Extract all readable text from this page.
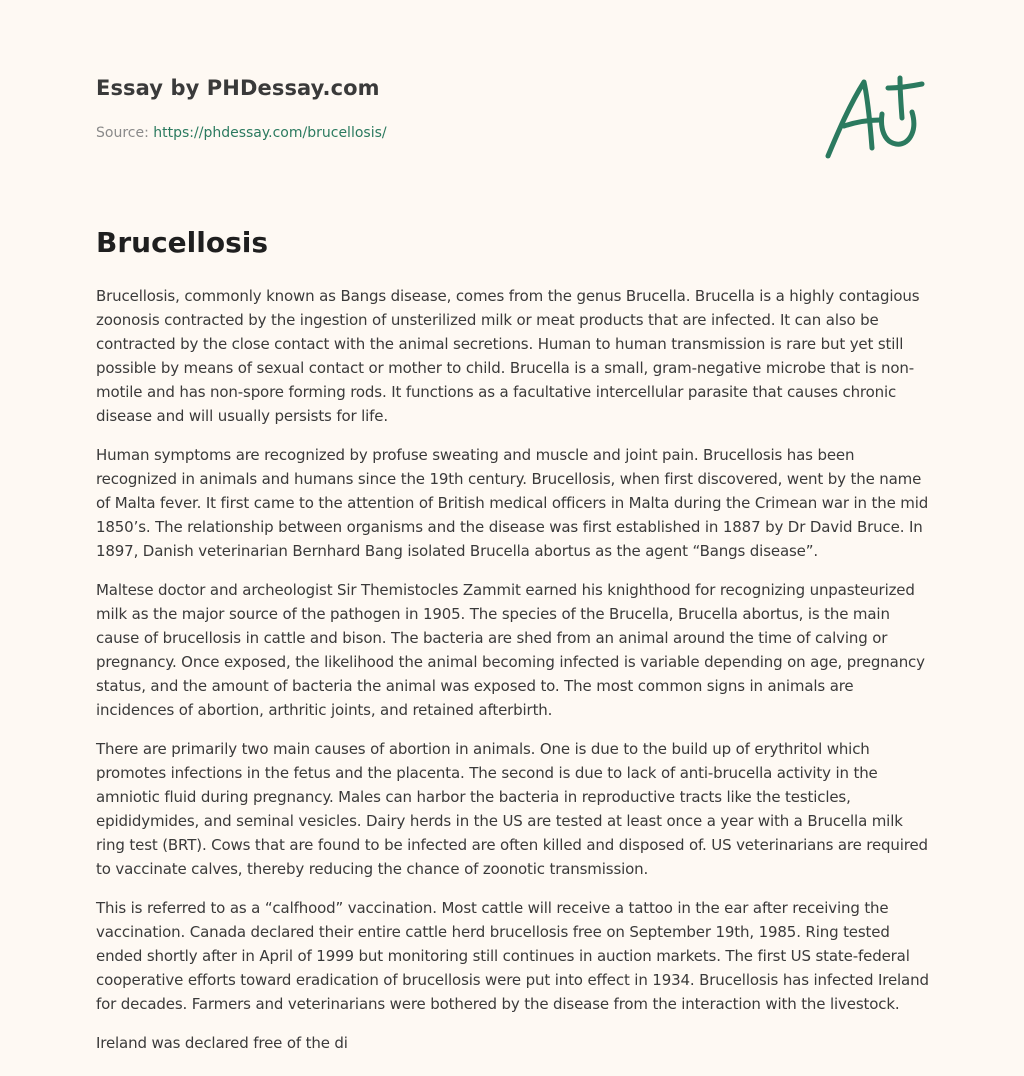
Essay by PHDessay.com
Source: https://phdessay.com/brucellosis/
Brucellosis

Brucellosis, commonly known as Bangs disease, comes from the genus Brucella. Brucella is a highly contagious zoonosis contracted by the ingestion of unsterilized milk or meat products that are infected. It can also be contracted by the close contact with the animal secretions. Human to human transmission is rare but yet still possible by means of sexual contact or mother to child. Brucella is a small, gram-negative microbe that is non-motile and has non-spore forming rods. It functions as a facultative intercellular parasite that causes chronic disease and will usually persists for life.

Human symptoms are recognized by profuse sweating and muscle and joint pain. Brucellosis has been recognized in animals and humans since the 19th century. Brucellosis, when first discovered, went by the name of Malta fever. It first came to the attention of British medical officers in Malta during the Crimean war in the mid 1850’s. The relationship between organisms and the disease was first established in 1887 by Dr David Bruce. In 1897, Danish veterinarian Bernhard Bang isolated Brucella abortus as the agent “Bangs disease”.

Maltese doctor and archeologist Sir Themistocles Zammit earned his knighthood for recognizing unpasteurized milk as the major source of the pathogen in 1905. The species of the Brucella, Brucella abortus, is the main cause of brucellosis in cattle and bison. The bacteria are shed from an animal around the time of calving or pregnancy. Once exposed, the likelihood the animal becoming infected is variable depending on age, pregnancy status, and the amount of bacteria the animal was exposed to. The most common signs in animals are incidences of abortion, arthritic joints, and retained afterbirth.

There are primarily two main causes of abortion in animals. One is due to the build up of erythritol which promotes infections in the fetus and the placenta. The second is due to lack of anti-brucella activity in the amniotic fluid during pregnancy. Males can harbor the bacteria in reproductive tracts like the testicles, epididymides, and seminal vesicles. Dairy herds in the US are tested at least once a year with a Brucella milk ring test (BRT). Cows that are found to be infected are often killed and disposed of. US veterinarians are required to vaccinate calves, thereby reducing the chance of zoonotic transmission.

This is referred to as a “calfhood” vaccination. Most cattle will receive a tattoo in the ear after receiving the vaccination. Canada declared their entire cattle herd brucellosis free on September 19th, 1985. Ring tested ended shortly after in April of 1999 but monitoring still continues in auction markets. The first US state-federal cooperative efforts toward eradication of brucellosis were put into effect in 1934. Brucellosis has infected Ireland for decades. Farmers and veterinarians were bothered by the disease from the interaction with the livestock.

Ireland was declared free of the di
